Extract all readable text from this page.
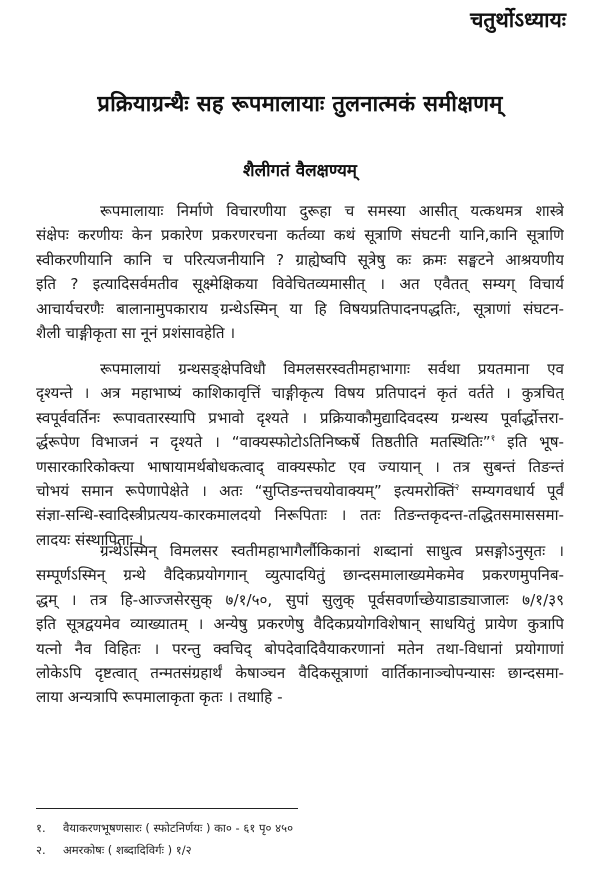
चतुर्थोऽध्यायः
प्रक्रियाग्रन्थैः सह रूपमालायाः तुलनात्मकं समीक्षणम्
शैलीगतं वैलक्षण्यम्

रूपमालायाः निर्माणे विचारणीया दुरूहा च समस्या आसीत् यत्कथमत्र शास्त्रे
संक्षेपः करणीयः केन प्रकारेण प्रकरणरचना कर्तव्या कथं सूत्राणि संघटनी यानि,कानि सूत्राणि
स्वीकरणीयानि कानि च परित्यजनीयानि ? ग्राह्येष्वपि सूत्रेषु कः क्रमः सङ्घटने आश्रयणीय
इति ? इत्यादिसर्वमतीव सूक्ष्मेक्षिकया विवेचितव्यमासीत् । अत एवैतत् सम्यग् विचार्य
आचार्यचरणैः बालानामुपकाराय ग्रन्थेऽस्मिन् या हि विषयप्रतिपादनपद्धतिः, सूत्राणां संघटन-
शैली चाङ्गीकृता सा नूनं प्रशंसावहेति ।

रूपमालायां ग्रन्थसङ्क्षेपविधौ विमलसरस्वतीमहाभागाः सर्वथा प्रयतमाना एव
दृश्यन्ते । अत्र महाभाष्यं काशिकावृत्तिं चाङ्गीकृत्य विषय प्रतिपादनं कृतं वर्तते । कुत्रचित्
स्वपूर्ववर्तिनः रूपावतारस्यापि प्रभावो दृश्यते । प्रक्रियाकौमुद्यादिवदस्य ग्रन्थस्य पूर्वार्द्धोत्तरा-
र्द्धरूपेण विभाजनं न दृश्यते । “वाक्यस्फोटोऽतिनिष्कर्षे तिष्ठतीति मतस्थितिः”$^१$ इति भूष-
णसारकारिकोक्त्या भाषायामर्थबोधकत्वाद् वाक्यस्फोट एव ज्यायान् । तत्र सुबन्तं तिङन्तं
चोभयं समान रूपेणापेक्षेते । अतः “सुप्तिङन्तचयोवाक्यम्” इत्यमरोक्तिं$^२$ सम्यगवधार्य पूर्वं
संज्ञा-सन्धि-स्वादिस्त्रीप्रत्यय-कारकमालदयो निरूपिताः । ततः तिङन्तकृदन्त-तद्धितसमाससमा-
लादयः संस्थापिताः ।

ग्रन्थेऽस्मिन् विमलसर स्वतीमहाभागैर्लौकिकानां शब्दानां साधुत्व प्रसङ्गोऽनुसृतः ।
सम्पूर्णऽस्मिन् ग्रन्थे वैदिकप्रयोगगान् व्युत्पादयितुं छान्दसमालाख्यमेकमेव प्रकरणमुपनिब-
द्धम् । तत्र हि-आज्जसेरसुक् ७/१/५०, सुपां सुलुक् पूर्वसवर्णाच्छेयाडाड्याजालः ७/१/३९
इति सूत्रद्वयमेव व्याख्यातम् । अन्येषु प्रकरणेषु वैदिकप्रयोगविशेषान् साधयितुं प्रायेण कुत्रापि
यत्नो नैव विहितः । परन्तु क्वचिद् बोपदेवादिवैयाकरणानां मतेन तथा-विधानां प्रयोगाणां
लोकेऽपि दृष्टत्वात् तन्मतसंग्रहार्थं केषाञ्चन वैदिकसूत्राणां वार्तिकानाञ्चोपन्यासः छान्दसमा-
लाया अन्यत्रापि रूपमालाकृता कृतः । तथाहि -

१.	वैयाकरणभूषणसारः ( स्फोटनिर्णयः ) का० - ६१ पृ० ४५०
२.	अमरकोषः ( शब्दादिविर्गः ) १/२
